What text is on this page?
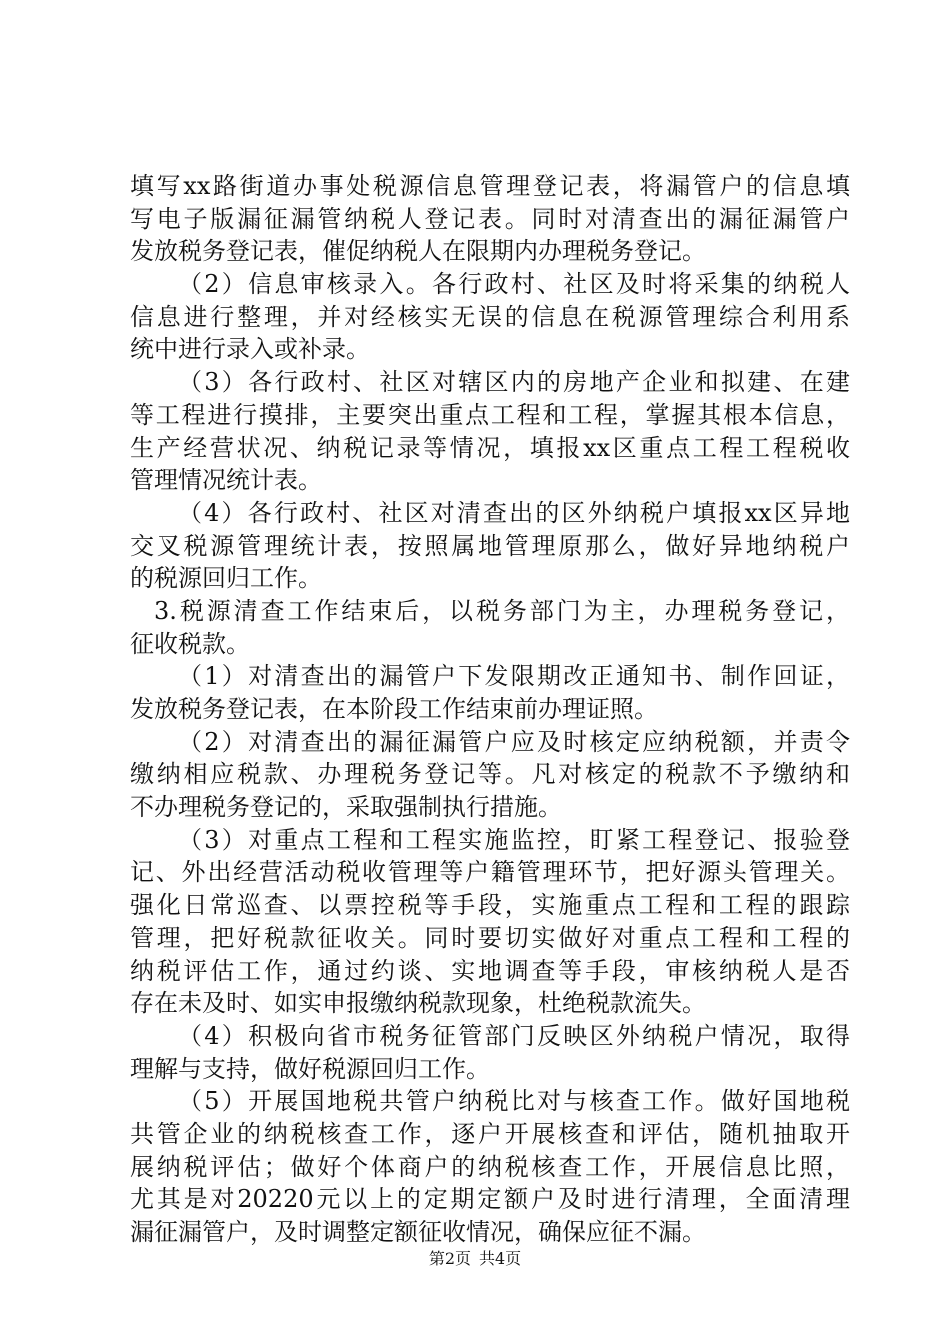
填写xx路街道办事处税源信息管理登记表，将漏管户的信息填
写电子版漏征漏管纳税人登记表。同时对清查出的漏征漏管户
发放税务登记表，催促纳税人在限期内办理税务登记。
（2）信息审核录入。各行政村、社区及时将采集的纳税人
信息进行整理，并对经核实无误的信息在税源管理综合利用系
统中进行录入或补录。
（3）各行政村、社区对辖区内的房地产企业和拟建、在建
等工程进行摸排，主要突出重点工程和工程，掌握其根本信息，
生产经营状况、纳税记录等情况，填报xx区重点工程工程税收
管理情况统计表。
（4）各行政村、社区对清查出的区外纳税户填报xx区异地
交叉税源管理统计表，按照属地管理原那么，做好异地纳税户
的税源回归工作。
3.税源清查工作结束后，以税务部门为主，办理税务登记，
征收税款。
（1）对清查出的漏管户下发限期改正通知书、制作回证，
发放税务登记表，在本阶段工作结束前办理证照。
（2）对清查出的漏征漏管户应及时核定应纳税额，并责令
缴纳相应税款、办理税务登记等。凡对核定的税款不予缴纳和
不办理税务登记的，采取强制执行措施。
（3）对重点工程和工程实施监控，盯紧工程登记、报验登
记、外出经营活动税收管理等户籍管理环节，把好源头管理关。
强化日常巡查、以票控税等手段，实施重点工程和工程的跟踪
管理，把好税款征收关。同时要切实做好对重点工程和工程的
纳税评估工作，通过约谈、实地调查等手段，审核纳税人是否
存在未及时、如实申报缴纳税款现象，杜绝税款流失。
（4）积极向省市税务征管部门反映区外纳税户情况，取得
理解与支持，做好税源回归工作。
（5）开展国地税共管户纳税比对与核查工作。做好国地税
共管企业的纳税核查工作，逐户开展核查和评估，随机抽取开
展纳税评估；做好个体商户的纳税核查工作，开展信息比照，
尤其是对20220元以上的定期定额户及时进行清理，全面清理
漏征漏管户，及时调整定额征收情况，确保应征不漏。
第2页 共4页
